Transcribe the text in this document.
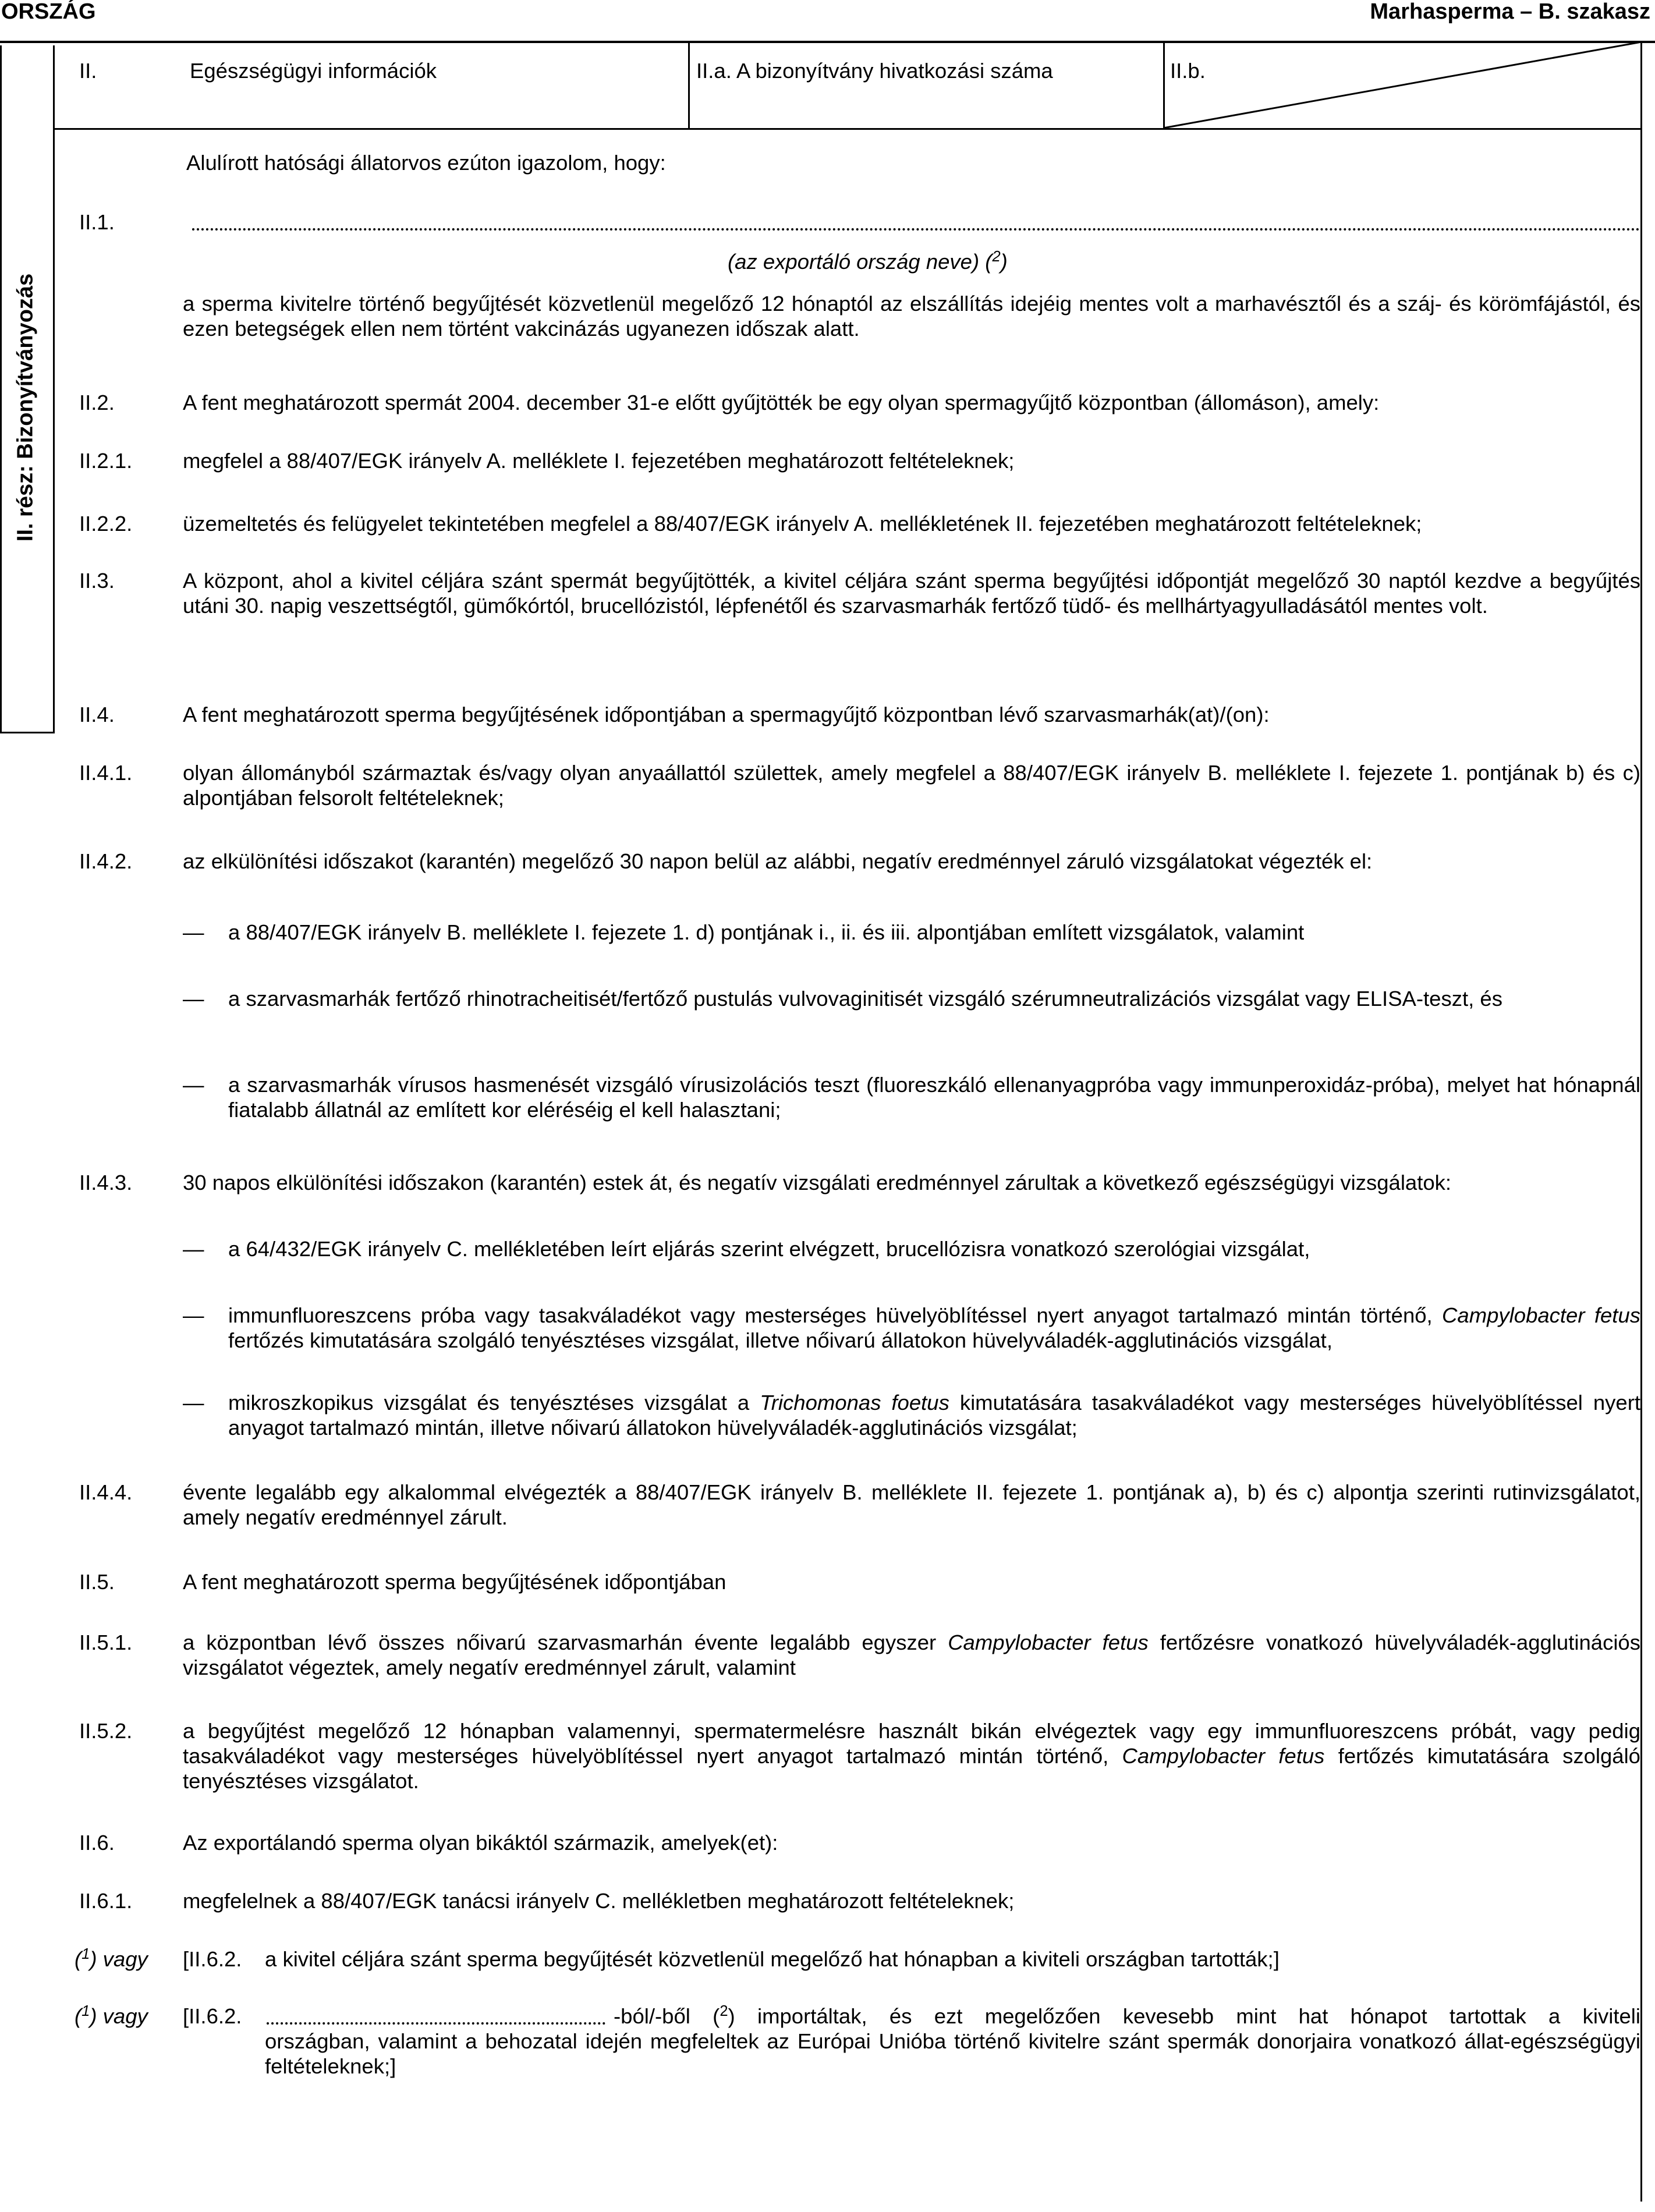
ORSZÁG	Marhasperma – B. szakasz
II. rész: Bizonyítványozás
II.	Egészségügyi információk	II.a. A bizonyítvány hivatkozási száma	II.b.
Alulírott hatósági állatorvos ezúton igazolom, hogy:
II.1.
(az exportáló ország neve) ($^2$)
a sperma kivitelre történő begyűjtését közvetlenül megelőző 12 hónaptól az elszállítás idejéig mentes volt a marhavésztől és a száj- és körömfájástól, és ezen betegségek ellen nem történt vakcinázás ugyanezen időszak alatt.
II.2.	A fent meghatározott spermát 2004. december 31-e előtt gyűjtötték be egy olyan spermagyűjtő központban (állomáson), amely:
II.2.1. megfelel a 88/407/EGK irányelv A. melléklete I. fejezetében meghatározott feltételeknek;
II.2.2. üzemeltetés és felügyelet tekintetében megfelel a 88/407/EGK irányelv A. mellékletének II. fejezetében meghatározott feltételeknek;
II.3.	A központ, ahol a kivitel céljára szánt spermát begyűjtötték, a kivitel céljára szánt sperma begyűjtési időpontját megelőző 30 naptól kezdve a begyűjtés utáni 30. napig veszettségtől, gümőkórtól, brucellózistól, lépfenétől és szarvasmarhák fertőző tüdő- és mellhártyagyulladásától mentes volt.
II.4.	A fent meghatározott sperma begyűjtésének időpontjában a spermagyűjtő központban lévő szarvasmarhák(at)/(on):
II.4.1. olyan állományból származtak és/vagy olyan anyaállattól születtek, amely megfelel a 88/407/EGK irányelv B. melléklete I. fejezete 1. pontjának b) és c) alpontjában felsorolt feltételeknek;
II.4.2. az elkülönítési időszakot (karantén) megelőző 30 napon belül az alábbi, negatív eredménnyel záruló vizsgálatokat végezték el:
— a 88/407/EGK irányelv B. melléklete I. fejezete 1. d) pontjának i., ii. és iii. alpontjában említett vizsgálatok, valamint
— a szarvasmarhák fertőző rhinotracheitisét/fertőző pustulás vulvovaginitisét vizsgáló szérumneutralizációs vizsgálat vagy ELISA-teszt, és
— a szarvasmarhák vírusos hasmenését vizsgáló vírusizolációs teszt (fluoreszkáló ellenanyagpróba vagy immunperoxidáz-próba), melyet hat hónapnál fiatalabb állatnál az említett kor eléréséig el kell halasztani;
II.4.3. 30 napos elkülönítési időszakon (karantén) estek át, és negatív vizsgálati eredménnyel zárultak a következő egészségügyi vizsgálatok:
— a 64/432/EGK irányelv C. mellékletében leírt eljárás szerint elvégzett, brucellózisra vonatkozó szerológiai vizsgálat,
— immunfluoreszcens próba vagy tasakváladékot vagy mesterséges hüvelyöblítéssel nyert anyagot tartalmazó mintán történő, Campylobacter fetus fertőzés kimutatására szolgáló tenyésztéses vizsgálat, illetve nőivarú állatokon hüvelyváladék-agglutinációs vizsgálat,
— mikroszkopikus vizsgálat és tenyésztéses vizsgálat a Trichomonas foetus kimutatására tasakváladékot vagy mesterséges hüvelyöblítéssel nyert anyagot tartalmazó mintán, illetve nőivarú állatokon hüvelyváladék-agglutinációs vizsgálat;
II.4.4. évente legalább egy alkalommal elvégezték a 88/407/EGK irányelv B. melléklete II. fejezete 1. pontjának a), b) és c) alpontja szerinti rutinvizsgálatot, amely negatív eredménnyel zárult.
II.5.	A fent meghatározott sperma begyűjtésének időpontjában
II.5.1. a központban lévő összes nőivarú szarvasmarhán évente legalább egyszer Campylobacter fetus fertőzésre vonatkozó hüvelyváladék-agglutinációs vizsgálatot végeztek, amely negatív eredménnyel zárult, valamint
II.5.2. a begyűjtést megelőző 12 hónapban valamennyi, spermatermelésre használt bikán elvégeztek vagy egy immunfluoreszcens próbát, vagy pedig tasakváladékot vagy mesterséges hüvelyöblítéssel nyert anyagot tartalmazó mintán történő, Campylobacter fetus fertőzés kimutatására szolgáló tenyésztéses vizsgálatot.
II.6.	Az exportálandó sperma olyan bikáktól származik, amelyek(et):
II.6.1. megfelelnek a 88/407/EGK tanácsi irányelv C. mellékletben meghatározott feltételeknek;
($^1$) vagy [II.6.2. a kivitel céljára szánt sperma begyűjtését közvetlenül megelőző hat hónapban a kiviteli országban tartották;]
($^1$) vagy [II.6.2.	-ból/-ből ($^2$) importáltak, és ezt megelőzően kevesebb mint hat hónapot tartottak a kiviteli
országban, valamint a behozatal idején megfeleltek az Európai Unióba történő kivitelre szánt spermák donorjaira vonatkozó állat-egészségügyi feltételeknek;]
